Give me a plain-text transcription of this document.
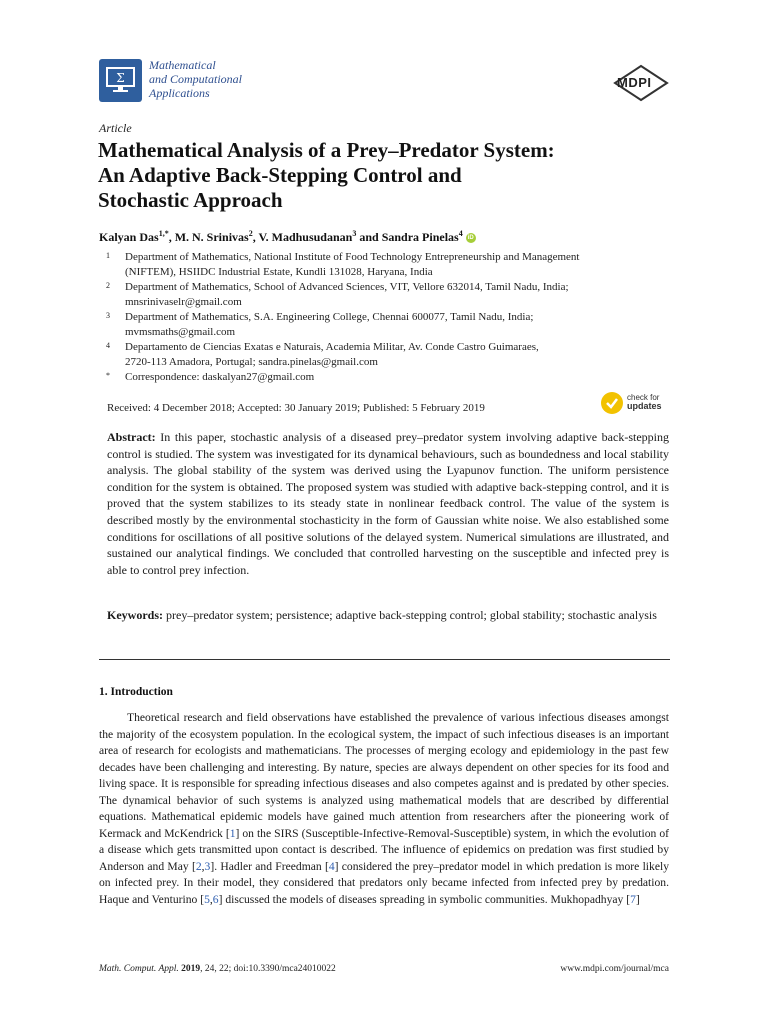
Σ
Mathematical
and Computational
Applications
MDPI
Article
Mathematical Analysis of a Prey–Predator System:
An Adaptive Back-Stepping Control and
Stochastic Approach
Kalyan Das$^{1,*}$, M. N. Srinivas$^2$, V. Madhusudanan$^3$ and Sandra Pinelas$^4$ iD
1 Department of Mathematics, National Institute of Food Technology Entrepreneurship and Management
(NIFTEM), HSIIDC Industrial Estate, Kundli 131028, Haryana, India
2 Department of Mathematics, School of Advanced Sciences, VIT, Vellore 632014, Tamil Nadu, India;
mnsrinivaselr@gmail.com
3 Department of Mathematics, S.A. Engineering College, Chennai 600077, Tamil Nadu, India;
mvmsmaths@gmail.com
4 Departamento de Ciencias Exatas e Naturais, Academia Militar, Av. Conde Castro Guimaraes,
2720-113 Amadora, Portugal; sandra.pinelas@gmail.com
* Correspondence: daskalyan27@gmail.com
Received: 4 December 2018; Accepted: 30 January 2019; Published: 5 February 2019
check for
updates
Abstract: In this paper, stochastic analysis of a diseased prey–predator system involving adaptive back-stepping control is studied. The system was investigated for its dynamical behaviours, such as boundedness and local stability analysis. The global stability of the system was derived using the Lyapunov function. The uniform persistence condition for the system is obtained. The proposed system was studied with adaptive back-stepping control, and it is proved that the system stabilizes to its steady state in nonlinear feedback control. The value of the system is described mostly by the environmental stochasticity in the form of Gaussian white noise. We also established some conditions for oscillations of all positive solutions of the delayed system. Numerical simulations are illustrated, and sustained our analytical findings. We concluded that controlled harvesting on the susceptible and infected prey is able to control prey infection.
Keywords: prey–predator system; persistence; adaptive back-stepping control; global stability; stochastic analysis
1. Introduction
Theoretical research and field observations have established the prevalence of various infectious diseases amongst the majority of the ecosystem population. In the ecological system, the impact of such infectious diseases is an important area of research for ecologists and mathematicians. The processes of merging ecology and epidemiology in the past few decades have been challenging and interesting. By nature, species are always dependent on other species for its food and living space. It is responsible for spreading infectious diseases and also competes against and is predated by other species. The dynamical behavior of such systems is analyzed using mathematical models that are described by differential equations. Mathematical epidemic models have gained much attention from researchers after the pioneering work of Kermack and McKendrick [1] on the SIRS (Susceptible-Infective-Removal-Susceptible) system, in which the evolution of a disease which gets transmitted upon contact is described. The influence of epidemics on predation was first studied by Anderson and May [2,3]. Hadler and Freedman [4] considered the prey–predator model in which predation is more likely on infected prey. In their model, they considered that predators only became infected from infected prey by predation. Haque and Venturino [5,6] discussed the models of diseases spreading in symbolic communities. Mukhopadhyay [7]
Math. Comput. Appl. 2019, 24, 22; doi:10.3390/mca24010022	www.mdpi.com/journal/mca
